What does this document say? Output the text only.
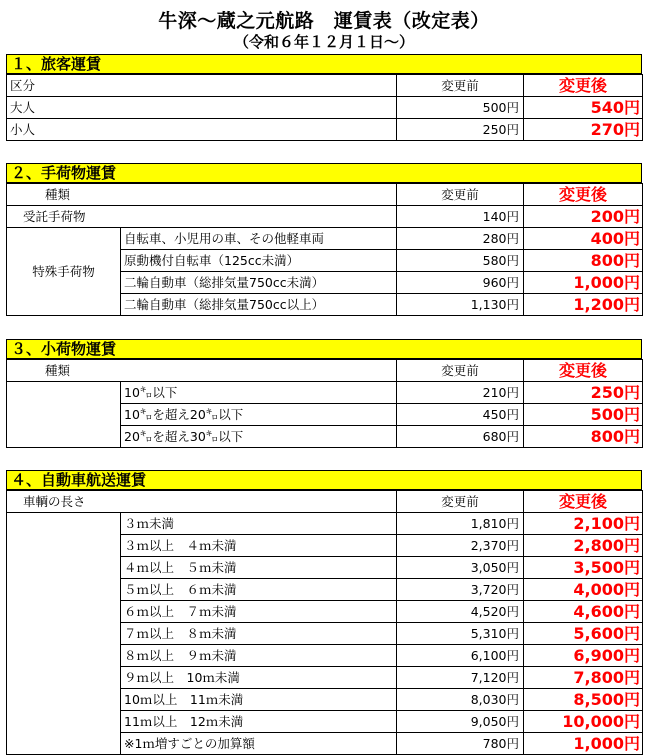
牛深～蔵之元航路　運賃表（改定表）
（令和６年１２月１日～）
１、旅客運賃
区分	変更前	変更後
大人	500円	540円
小人	250円	270円
２、手荷物運賃
種類		変更前	変更後
受託手荷物		140円	200円
特殊手荷物	自転車、小児用の車、その他軽車両	280円	400円
	原動機付自転車（125cc未満）	580円	800円
	二輪自動車（総排気量750cc未満）	960円	1,000円
	二輪自動車（総排気量750cc以上）	1,130円	1,200円
３、小荷物運賃
種類		変更前	変更後
	10㌔以下	210円	250円
	10㌔を超え20㌔以下	450円	500円
	20㌔を超え30㌔以下	680円	800円
４、自動車航送運賃
車輌の長さ		変更前	変更後
	３ｍ未満	1,810円	2,100円
	３ｍ以上　４ｍ未満	2,370円	2,800円
	４ｍ以上　５ｍ未満	3,050円	3,500円
	５ｍ以上　６ｍ未満	3,720円	4,000円
	６ｍ以上　７ｍ未満	4,520円	4,600円
	７ｍ以上　８ｍ未満	5,310円	5,600円
	８ｍ以上　９ｍ未満	6,100円	6,900円
	９ｍ以上　10ｍ未満	7,120円	7,800円
	10ｍ以上　11ｍ未満	8,030円	8,500円
	11ｍ以上　12ｍ未満	9,050円	10,000円
	※1ｍ増すごとの加算額	780円	1,000円
